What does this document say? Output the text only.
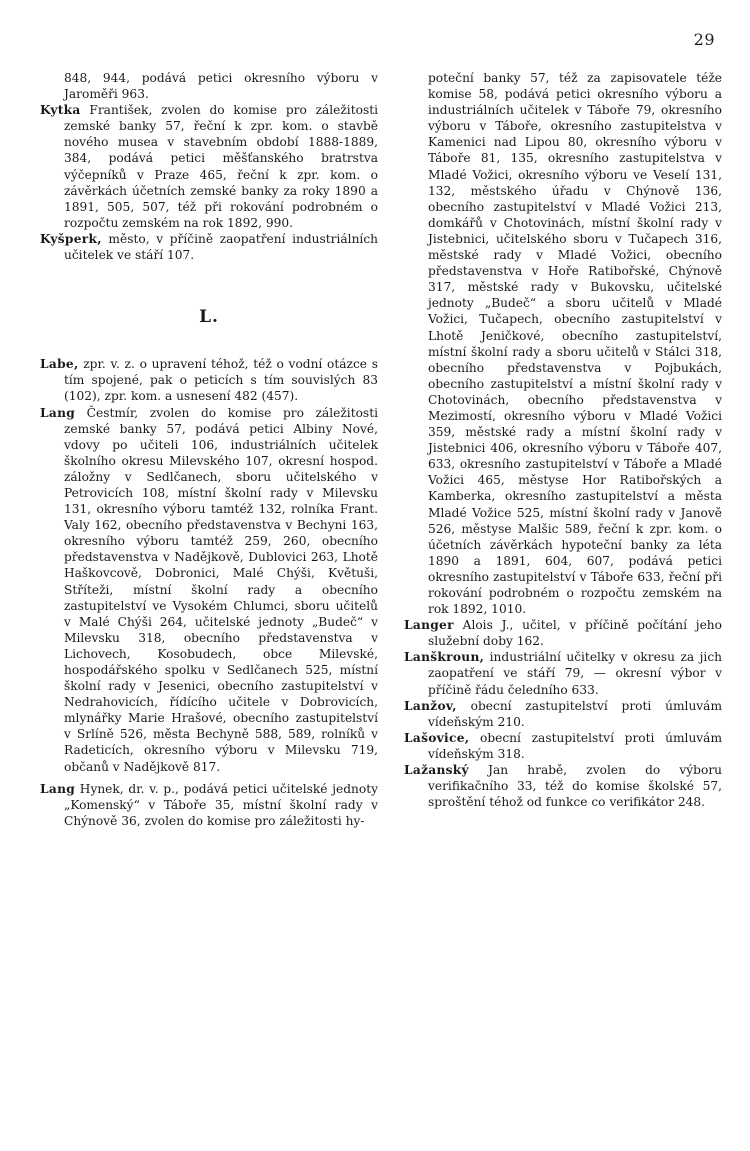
29

848, 944, podává petici okresního výboru v Jaroměři 963.

Kytka František, zvolen do komise pro záležitosti zemské banky 57, řeční k zpr. kom. o stavbě nového musea v stavebním období 1888-1889, 384, podává petici měšťanského bratrstva výčepníků v Praze 465, řeční k zpr. kom. o závěrkách účetních zemské banky za roky 1890 a 1891, 505, 507, též při rokování podrobném o rozpočtu zemském na rok 1892, 990.

Kyšperk, město, v příčině zaopatření industriálních učitelek ve stáří 107.

L.

Labe, zpr. v. z. o upravení téhož, též o vodní otázce s tím spojené, pak o peticích s tím souvislých 83 (102), zpr. kom. a usnesení 482 (457).

Lang Čestmír, zvolen do komise pro záležitosti zemské banky 57, podává petici Albiny Nové, vdovy po učiteli 106, industriálních učitelek školního okresu Milevského 107, okresní hospod. záložny v Sedlčanech, sboru učitelského v Petrovicích 108, místní školní rady v Milevsku 131, okresního výboru tamtéž 132, rolníka Frant. Valy 162, obecního představenstva v Bechyni 163, okresního výboru tamtéž 259, 260, obecního představenstva v Nadějkově, Dublovici 263, Lhotě Haškovcově, Dobronici, Malé Chýši, Květuši, Stříteži, místní školní rady a obecního zastupitelství ve Vysokém Chlumci, sboru učitelů v Malé Chýši 264, učitelské jednoty „Budeč“ v Milevsku 318, obecního představenstva v Lichovech, Kosobudech, obce Milevské, hospodářského spolku v Sedlčanech 525, místní školní rady v Jesenici, obecního zastupitelství v Nedrahovicích, řídícího učitele v Dobrovicích, mlynářky Marie Hrašové, obecního zastupitelství v Srlíně 526, města Bechyně 588, 589, rolníků v Radeticích, okresního výboru v Milevsku 719, občanů v Nadějkově 817.

Lang Hynek, dr. v. p., podává petici učitelské jednoty „Komenský“ v Táboře 35, místní školní rady v Chýnově 36, zvolen do komise pro záležitosti hy-

poteční banky 57, též za zapisovatele téže komise 58, podává petici okresního výboru a industriálních učitelek v Táboře 79, okresního výboru v Táboře, okresního zastupitelstva v Kamenici nad Lipou 80, okresního výboru v Táboře 81, 135, okresního zastupitelstva v Mladé Vožici, okresního výboru ve Veselí 131, 132, městského úřadu v Chýnově 136, obecního zastupitelství v Mladé Vožici 213, domkářů v Chotovinách, místní školní rady v Jistebnici, učitelského sboru v Tučapech 316, městské rady v Mladé Vožici, obecního představenstva v Hoře Ratibořské, Chýnově 317, městské rady v Bukovsku, učitelské jednoty „Budeč“ a sboru učitelů v Mladé Vožici, Tučapech, obecního zastupitelství v Lhotě Jeničkové, obecního zastupitelství, místní školní rady a sboru učitelů v Stálci 318, obecního představenstva v Pojbukách, obecního zastupitelství a místní školní rady v Chotovinách, obecního představenstva v Mezimostí, okresního výboru v Mladé Vožici 359, městské rady a místní školní rady v Jistebnici 406, okresního výboru v Táboře 407, 633, okresního zastupitelství v Táboře a Mladé Vožici 465, městyse Hor Ratibořských a Kamberka, okresního zastupitelství a města Mladé Vožice 525, místní školní rady v Janově 526, městyse Malšic 589, řeční k zpr. kom. o účetních závěrkách hypoteční banky za léta 1890 a 1891, 604, 607, podává petici okresního zastupitelství v Táboře 633, řeční při rokování podrobném o rozpočtu zemském na rok 1892, 1010.

Langer Alois J., učitel, v příčině počítání jeho služební doby 162.

Lanškroun, industriální učitelky v okresu za jich zaopatření ve stáří 79, — okresní výbor v příčině řádu čeledního 633.

Lanžov, obecní zastupitelství proti úmluvám vídeňským 210.

Lašovice, obecní zastupitelství proti úmluvám vídeňským 318.

Lažanský Jan hrabě, zvolen do výboru verifikačního 33, též do komise školské 57, sproštění téhož od funkce co verifikátor 248.
